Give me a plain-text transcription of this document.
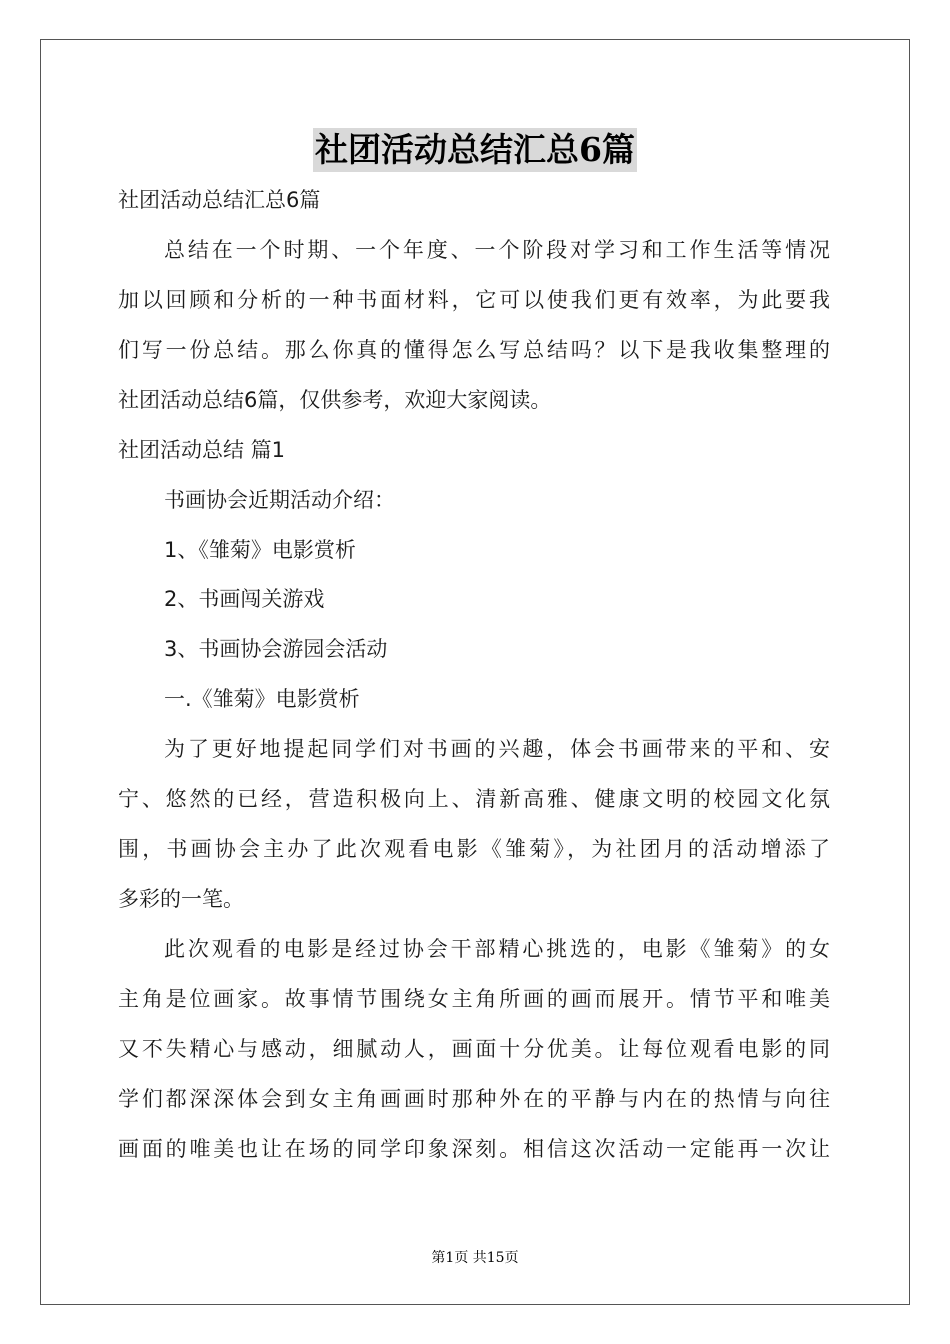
社团活动总结汇总6篇
社团活动总结汇总6篇
总结在一个时期、一个年度、一个阶段对学习和工作生活等情况
加以回顾和分析的一种书面材料，它可以使我们更有效率，为此要我
们写一份总结。那么你真的懂得怎么写总结吗？以下是我收集整理的
社团活动总结6篇，仅供参考，欢迎大家阅读。
社团活动总结 篇1
书画协会近期活动介绍：
1、《雏菊》电影赏析
2、书画闯关游戏
3、书画协会游园会活动
一.《雏菊》电影赏析
为了更好地提起同学们对书画的兴趣，体会书画带来的平和、安
宁、悠然的已经，营造积极向上、清新高雅、健康文明的校园文化氛
围，书画协会主办了此次观看电影《雏菊》，为社团月的活动增添了
多彩的一笔。
此次观看的电影是经过协会干部精心挑选的，电影《雏菊》的女
主角是位画家。故事情节围绕女主角所画的画而展开。情节平和唯美
又不失精心与感动，细腻动人，画面十分优美。让每位观看电影的同
学们都深深体会到女主角画画时那种外在的平静与内在的热情与向往
画面的唯美也让在场的同学印象深刻。相信这次活动一定能再一次让
第1页 共15页
